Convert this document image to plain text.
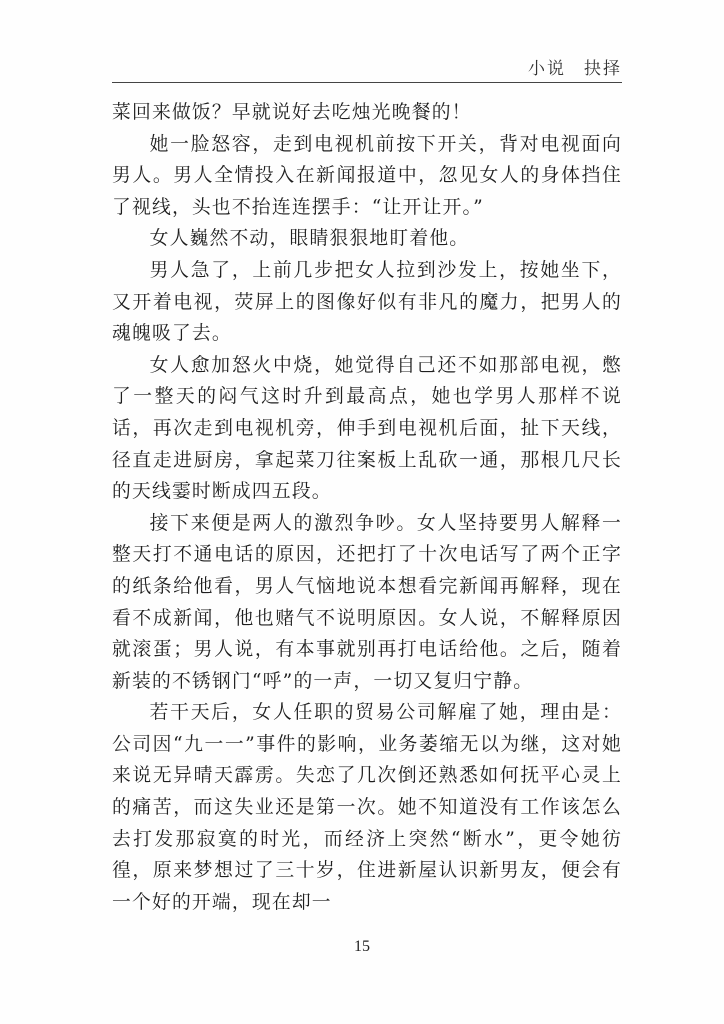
小说 抉择

菜回来做饭？早就说好去吃烛光晚餐的！

她一脸怒容，走到电视机前按下开关，背对电视面向男人。男人全情投入在新闻报道中，忽见女人的身体挡住了视线，头也不抬连连摆手：“让开让开。”

女人巍然不动，眼睛狠狠地盯着他。

男人急了，上前几步把女人拉到沙发上，按她坐下，又开着电视，荧屏上的图像好似有非凡的魔力，把男人的魂魄吸了去。

女人愈加怒火中烧，她觉得自己还不如那部电视，憋了一整天的闷气这时升到最高点，她也学男人那样不说话，再次走到电视机旁，伸手到电视机后面，扯下天线，径直走进厨房，拿起菜刀往案板上乱砍一通，那根几尺长的天线霎时断成四五段。

接下来便是两人的激烈争吵。女人坚持要男人解释一整天打不通电话的原因，还把打了十次电话写了两个正字的纸条给他看，男人气恼地说本想看完新闻再解释，现在看不成新闻，他也赌气不说明原因。女人说，不解释原因就滚蛋；男人说，有本事就别再打电话给他。之后，随着新装的不锈钢门“呼”的一声，一切又复归宁静。

若干天后，女人任职的贸易公司解雇了她，理由是：公司因“九一一”事件的影响，业务萎缩无以为继，这对她来说无异晴天霹雳。失恋了几次倒还熟悉如何抚平心灵上的痛苦，而这失业还是第一次。她不知道没有工作该怎么去打发那寂寞的时光，而经济上突然“断水”，更令她彷徨，原来梦想过了三十岁，住进新屋认识新男友，便会有一个好的开端，现在却一

15
